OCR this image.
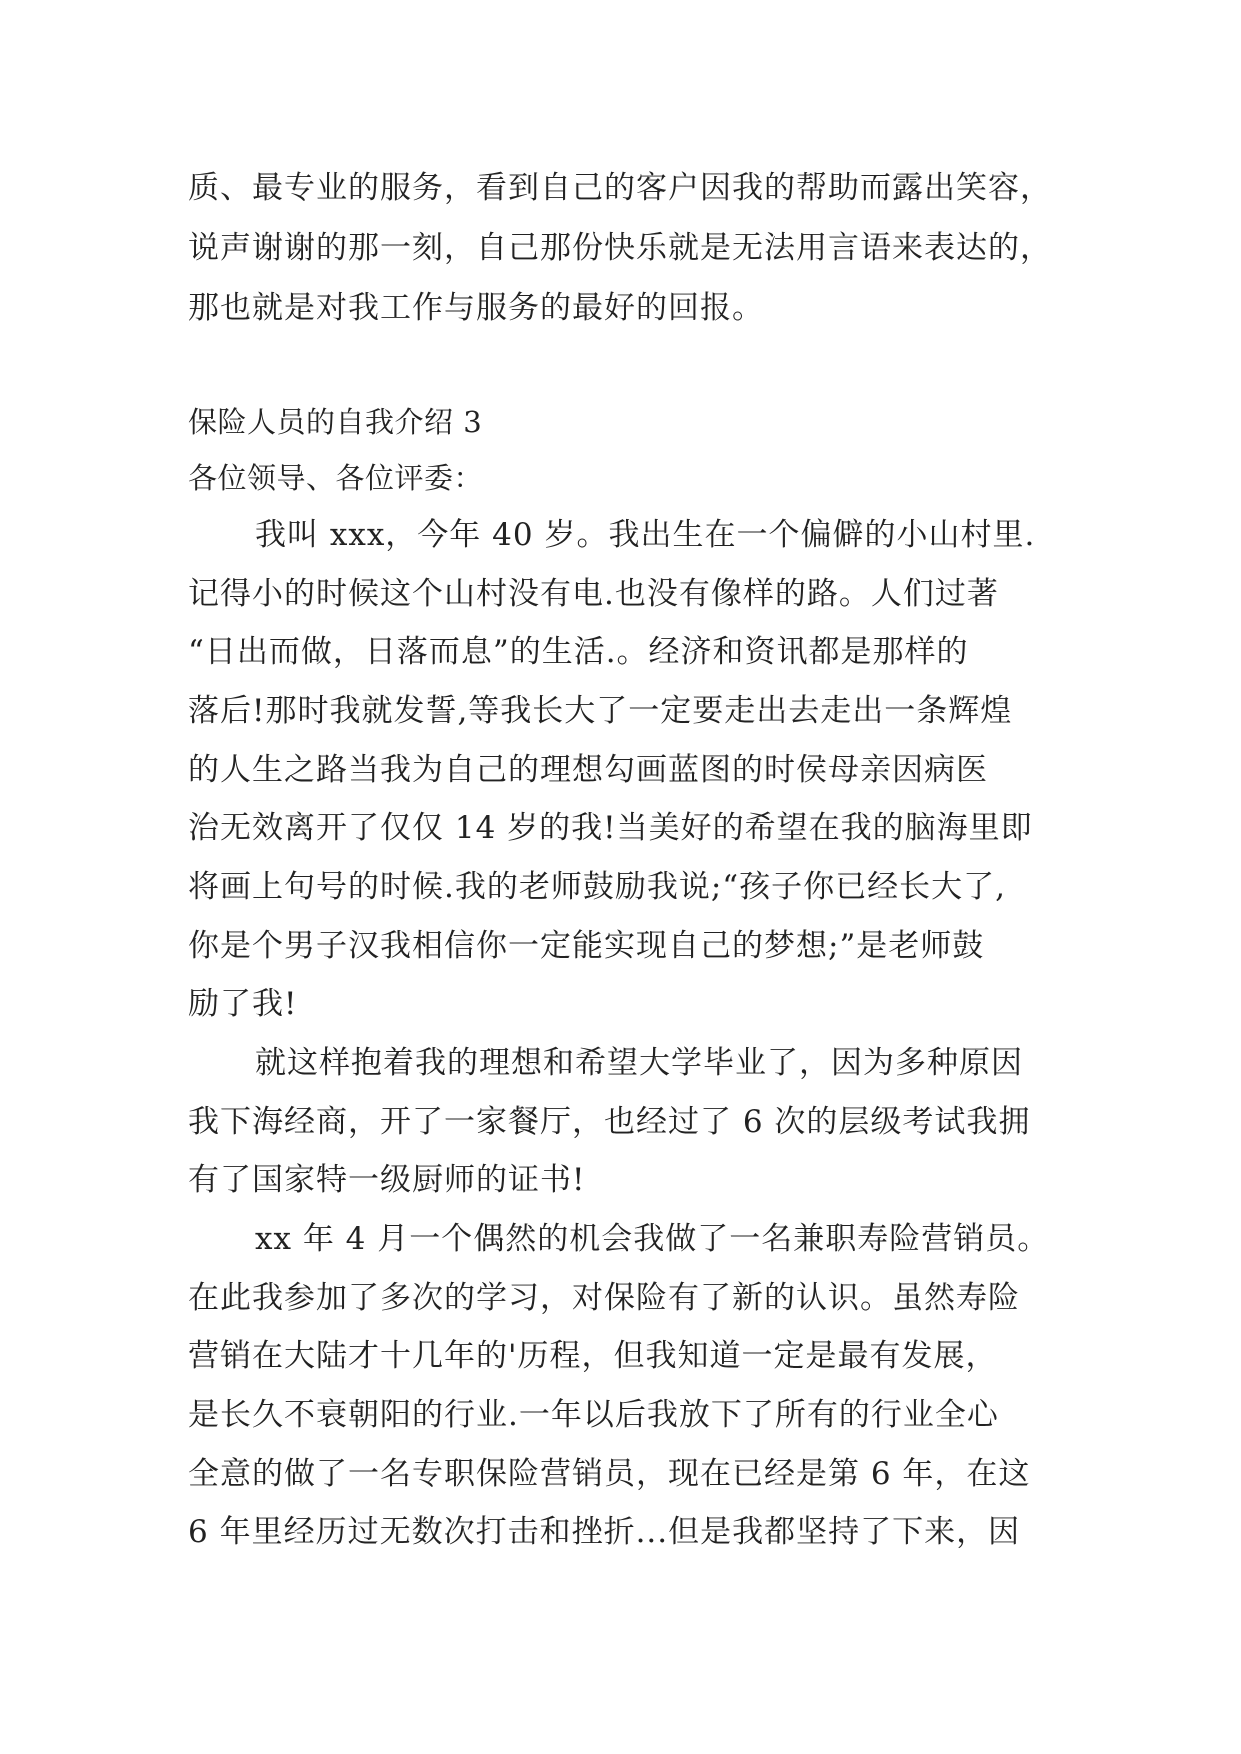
质、最专业的服务，看到自己的客户因我的帮助而露出笑容，
说声谢谢的那一刻，自己那份快乐就是无法用言语来表达的，
那也就是对我工作与服务的最好的回报。
保险人员的自我介绍 3
各位领导、各位评委：
我叫 xxx，今年 40 岁。我出生在一个偏僻的小山村里.
记得小的时候这个山村没有电.也没有像样的路。人们过著
“日出而做，日落而息”的生活.。经济和资讯都是那样的
落后!那时我就发誓,等我长大了一定要走出去走出一条辉煌
的人生之路当我为自己的理想勾画蓝图的时侯母亲因病医
治无效离开了仅仅 14 岁的我!当美好的希望在我的脑海里即
将画上句号的时候.我的老师鼓励我说;“孩子你已经长大了,
你是个男子汉我相信你一定能实现自己的梦想;”是老师鼓
励了我!
就这样抱着我的理想和希望大学毕业了，因为多种原因
我下海经商，开了一家餐厅，也经过了 6 次的层级考试我拥
有了国家特一级厨师的证书!
xx 年 4 月一个偶然的机会我做了一名兼职寿险营销员。
在此我参加了多次的学习，对保险有了新的认识。虽然寿险
营销在大陆才十几年的'历程，但我知道一定是最有发展，
是长久不衰朝阳的行业.一年以后我放下了所有的行业全心
全意的做了一名专职保险营销员，现在已经是第 6 年，在这
6 年里经历过无数次打击和挫折...但是我都坚持了下来，因
